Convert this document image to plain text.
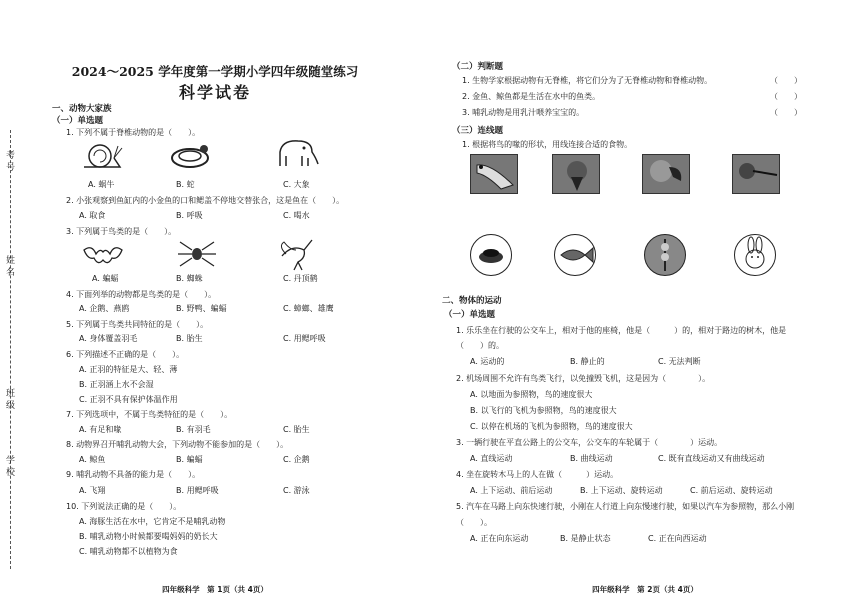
考号
姓名
班级
学校
2024～2025 学年度第一学期小学四年级随堂练习
科学试卷
一、动物大家族
（一）单选题
1. 下列不属于脊椎动物的是（　　）。
A. 蜗牛	B. 蛇	C. 大象
2. 小张观察到鱼缸内的小金鱼的口和鳃盖不停地交替张合，这是鱼在（　　）。
A. 取食	B. 呼吸	C. 喝水
3. 下列属于鸟类的是（　　）。
A. 蝙蝠	B. 蜘蛛	C. 丹顶鹤
4. 下面列举的动物都是鸟类的是（　　）。
A. 企鹅、燕鸥	B. 野鸭、蝙蝠	C. 蟑螂、雄鹰
5. 下列属于鸟类共同特征的是（　　）。
A. 身体覆盖羽毛	B. 胎生	C. 用鳃呼吸
6. 下列描述不正确的是（　　）。
A. 正羽的特征是大、轻、薄
B. 正羽涵上水不会湿
C. 正羽不具有保护体温作用
7. 下列选项中，不属于鸟类特征的是（　　）。
A. 有足和喙	B. 有羽毛	C. 胎生
8. 动物界召开哺乳动物大会，下列动物不能参加的是（　　）。
A. 鲸鱼	B. 蝙蝠	C. 企鹅
9. 哺乳动物不具备的能力是（　　）。
A. 飞翔	B. 用鳃呼吸	C. 游泳
10. 下列说法正确的是（　　）。
A. 海豚生活在水中，它肯定不是哺乳动物
B. 哺乳动物小时候都要喝妈妈的奶长大
C. 哺乳动物都不以植物为食
四年级科学　第 1页（共 4页）
（二）判断题
1. 生物学家根据动物有无脊椎，将它们分为了无脊椎动物和脊椎动物。	（　　）
2. 金鱼、鲸鱼都是生活在水中的鱼类。	（　　）
3. 哺乳动物是用乳汁喂养宝宝的。	（　　）
（三）连线题
1. 根据将鸟的喙的形状，用线连接合适的食物。
二、物体的运动
（一）单选题
1. 乐乐坐在行驶的公交车上，相对于他的座椅，他是（　　　）的，相对于路边的树木，他是
（　　）的。
A. 运动的	B. 静止的	C. 无法判断
2. 机场周围不允许有鸟类飞行，以免撞毁飞机，这是因为（　　　　）。
A. 以地面为参照物，鸟的速度很大
B. 以飞行的飞机为参照物，鸟的速度很大
C. 以停在机场的飞机为参照物，鸟的速度很大
3. 一辆行驶在平直公路上的公交车，公交车的车轮属于（　　　　）运动。
A. 直线运动	B. 曲线运动	C. 既有直线运动又有曲线运动
4. 坐在旋转木马上的人在做（　　　）运动。
A. 上下运动、前后运动	B. 上下运动、旋转运动	C. 前后运动、旋转运动
5. 汽车在马路上向东快速行驶，小刚在人行道上向东慢速行驶，如果以汽车为参照物，那么小刚
（　　）。
A. 正在向东运动	B. 是静止状态	C. 正在向西运动
四年级科学　第 2页（共 4页）
